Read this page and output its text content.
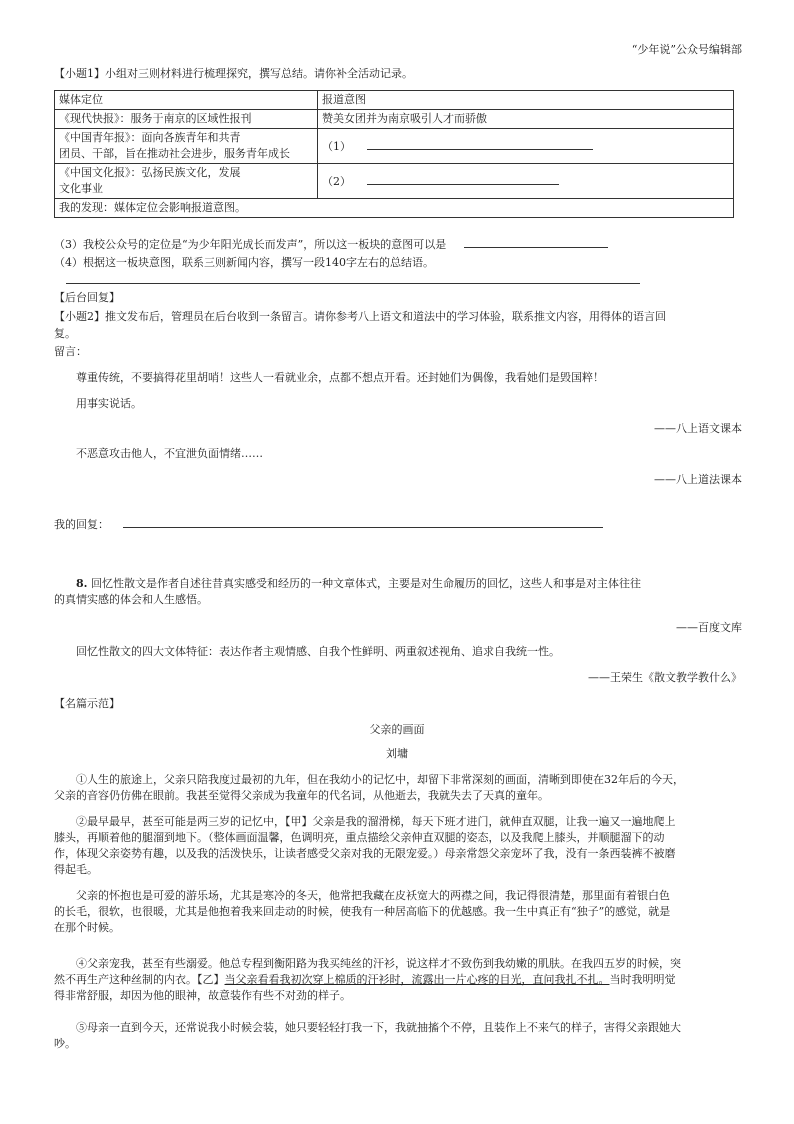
“少年说”公众号编辑部
【小题1】小组对三则材料进行梳理探究，撰写总结。请你补全活动记录。
媒体定位	报道意图
《现代快报》：服务于南京的区域性报刊	赞美女团并为南京吸引人才而骄傲

《中国青年报》：面向各族青年和共青
团员、干部，旨在推动社会进步，服务青年成长	（1）

《中国文化报》：弘扬民族文化，发展
文化事业	（2）
我的发现：媒体定位会影响报道意图。	
（3）我校公众号的定位是“为少年阳光成长而发声”，所以这一板块的意图可以是
（4）根据这一板块意图，联系三则新闻内容，撰写一段140字左右的总结语。
【后台回复】
【小题2】推文发布后，管理员在后台收到一条留言。请你参考八上语文和道法中的学习体验，联系推文内容，用得体的语言回
复。
留言：
尊重传统，不要搞得花里胡哨！这些人一看就业余，点都不想点开看。还封她们为偶像，我看她们是毁国粹！
用事实说话。
——八上语文课本
不恶意攻击他人，不宜泄负面情绪……
——八上道法课本
我的回复：
8. 回忆性散文是作者自述往昔真实感受和经历的一种文章体式，主要是对生命履历的回忆，这些人和事是对主体往往
的真情实感的体会和人生感悟。
——百度文库
回忆性散文的四大文体特征：表达作者主观情感、自我个性鲜明、两重叙述视角、追求自我统一性。
——王荣生《散文教学教什么》
【名篇示范】
父亲的画面
刘墉
①人生的旅途上，父亲只陪我度过最初的九年，但在我幼小的记忆中，却留下非常深刻的画面，清晰到即使在32年后的今天，
父亲的音容仍仿佛在眼前。我甚至觉得父亲成为我童年的代名词，从他逝去，我就失去了天真的童年。
②最早最早，甚至可能是两三岁的记忆中，【甲】父亲是我的溜滑梯，每天下班才进门，就伸直双腿，让我一遍又一遍地爬上
膝头，再顺着他的腿溜到地下。（整体画面温馨，色调明亮，重点描绘父亲伸直双腿的姿态，以及我爬上膝头，并顺腿溜下的动
作，体现父亲姿势有趣，以及我的活泼快乐，让读者感受父亲对我的无限宠爱。）母亲常怨父亲宠坏了我，没有一条西装裤不被磨
得起毛。
父亲的怀抱也是可爱的游乐场，尤其是寒冷的冬天，他常把我藏在皮袄宽大的两襟之间，我记得很清楚，那里面有着银白色
的长毛，很软，也很暖，尤其是他抱着我来回走动的时候，使我有一种居高临下的优越感。我一生中真正有“独子”的感觉，就是
在那个时候。
④父亲宠我，甚至有些溺爱。他总专程到衡阳路为我买纯丝的汗衫，说这样才不致伤到我幼嫩的肌肤。在我四五岁的时候，突
然不再生产这种丝制的内衣。【乙】当父亲看看我初次穿上棉质的汗衫时，流露出一片心疼的目光，直问我扎不扎。当时我明明觉
得非常舒服，却因为他的眼神，故意装作有些不对劲的样子。
⑤母亲一直到今天，还常说我小时候会装，她只要轻轻打我一下，我就抽搐个不停，且装作上不来气的样子，害得父亲跟她大
吵。
